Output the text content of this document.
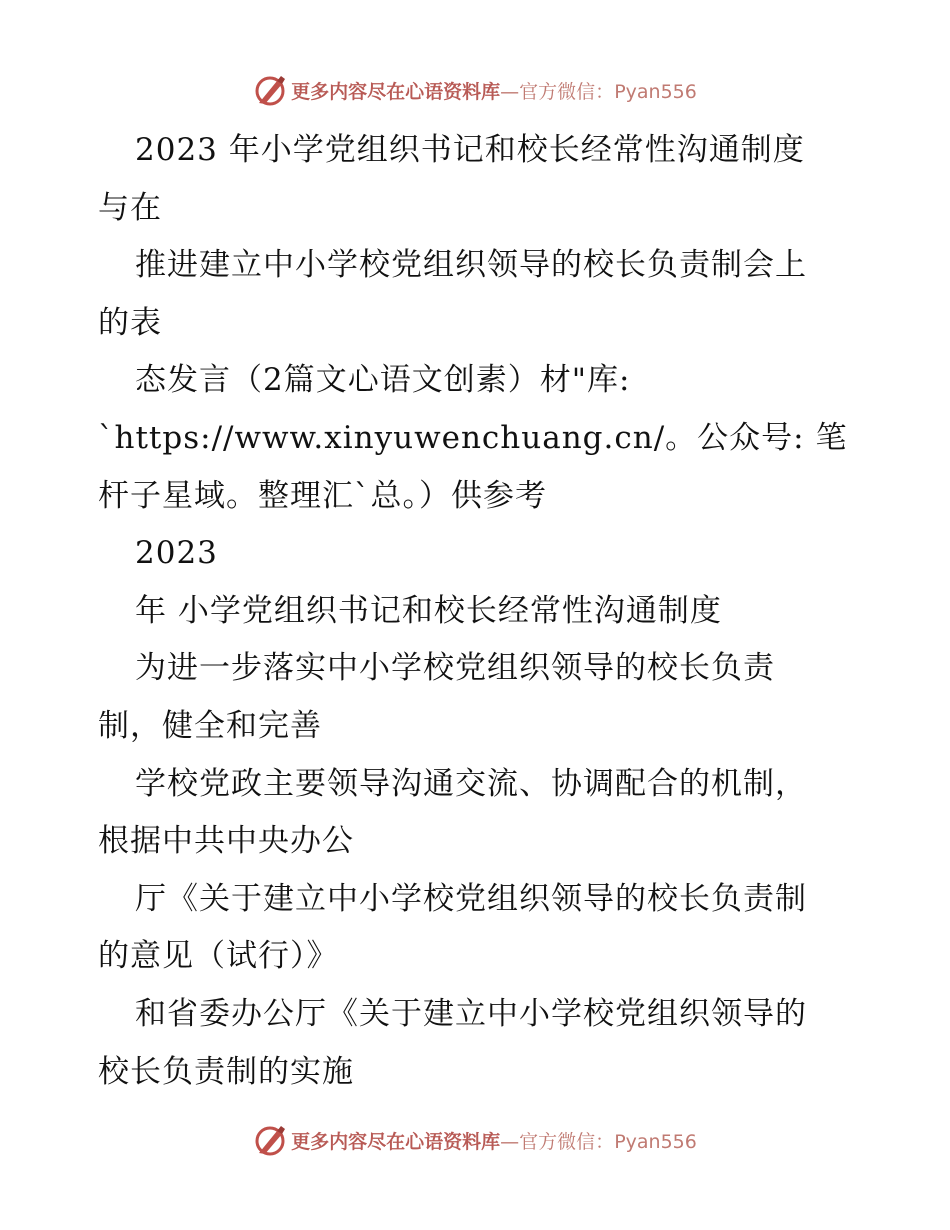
更多内容尽在心语资料库—官方微信：Pyan556
2023 年小学党组织书记和校长经常性沟通制度
与在
推进建立中小学校党组织领导的校长负责制会上
的表
态发言（2篇文心语文创素）材"库:
`https://www.xinyuwenchuang.cn/。公众号: 笔
杆子星域。整理汇`总。）供参考
2023
年 小学党组织书记和校长经常性沟通制度
为进一步落实中小学校党组织领导的校长负责
制，健全和完善
学校党政主要领导沟通交流、协调配合的机制，
根据中共中央办公
厅《关于建立中小学校党组织领导的校长负责制
的意见（试行）》
和省委办公厅《关于建立中小学校党组织领导的
校长负责制的实施
更多内容尽在心语资料库—官方微信：Pyan556
